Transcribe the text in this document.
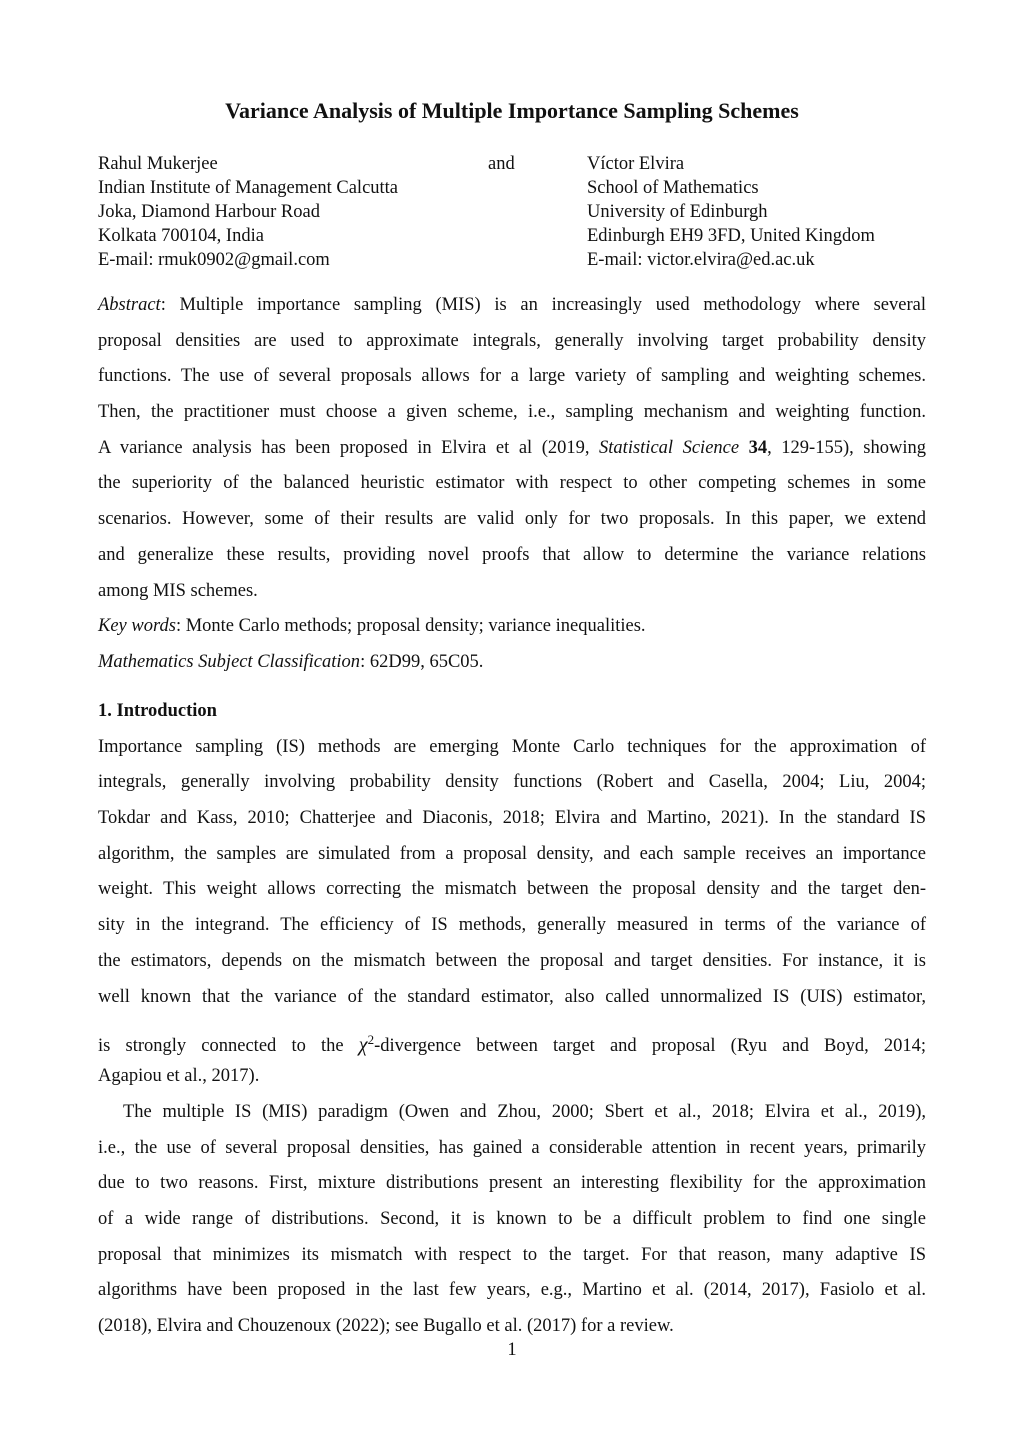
Variance Analysis of Multiple Importance Sampling Schemes
Rahul Mukerjee
Indian Institute of Management Calcutta
Joka, Diamond Harbour Road
Kolkata 700104, India
E-mail: rmuk0902@gmail.com
and	Víctor Elvira
School of Mathematics
University of Edinburgh
Edinburgh EH9 3FD, United Kingdom
E-mail: victor.elvira@ed.ac.uk
Abstract: Multiple importance sampling (MIS) is an increasingly used methodology where several
proposal densities are used to approximate integrals, generally involving target probability density
functions. The use of several proposals allows for a large variety of sampling and weighting schemes.
Then, the practitioner must choose a given scheme, i.e., sampling mechanism and weighting function.
A variance analysis has been proposed in Elvira et al (2019, Statistical Science 34, 129-155), showing
the superiority of the balanced heuristic estimator with respect to other competing schemes in some
scenarios. However, some of their results are valid only for two proposals. In this paper, we extend
and generalize these results, providing novel proofs that allow to determine the variance relations
among MIS schemes.
Key words: Monte Carlo methods; proposal density; variance inequalities.
Mathematics Subject Classification: 62D99, 65C05.
1. Introduction
Importance sampling (IS) methods are emerging Monte Carlo techniques for the approximation of
integrals, generally involving probability density functions (Robert and Casella, 2004; Liu, 2004;
Tokdar and Kass, 2010; Chatterjee and Diaconis, 2018; Elvira and Martino, 2021). In the standard IS
algorithm, the samples are simulated from a proposal density, and each sample receives an importance
weight. This weight allows correcting the mismatch between the proposal density and the target den-
sity in the integrand. The efficiency of IS methods, generally measured in terms of the variance of
the estimators, depends on the mismatch between the proposal and target densities. For instance, it is
well known that the variance of the standard estimator, also called unnormalized IS (UIS) estimator,
is strongly connected to the $\chi^2$-divergence between target and proposal (Ryu and Boyd, 2014;
Agapiou et al., 2017).
The multiple IS (MIS) paradigm (Owen and Zhou, 2000; Sbert et al., 2018; Elvira et al., 2019),
i.e., the use of several proposal densities, has gained a considerable attention in recent years, primarily
due to two reasons. First, mixture distributions present an interesting flexibility for the approximation
of a wide range of distributions. Second, it is known to be a difficult problem to find one single
proposal that minimizes its mismatch with respect to the target. For that reason, many adaptive IS
algorithms have been proposed in the last few years, e.g., Martino et al. (2014, 2017), Fasiolo et al.
(2018), Elvira and Chouzenoux (2022); see Bugallo et al. (2017) for a review.
1
